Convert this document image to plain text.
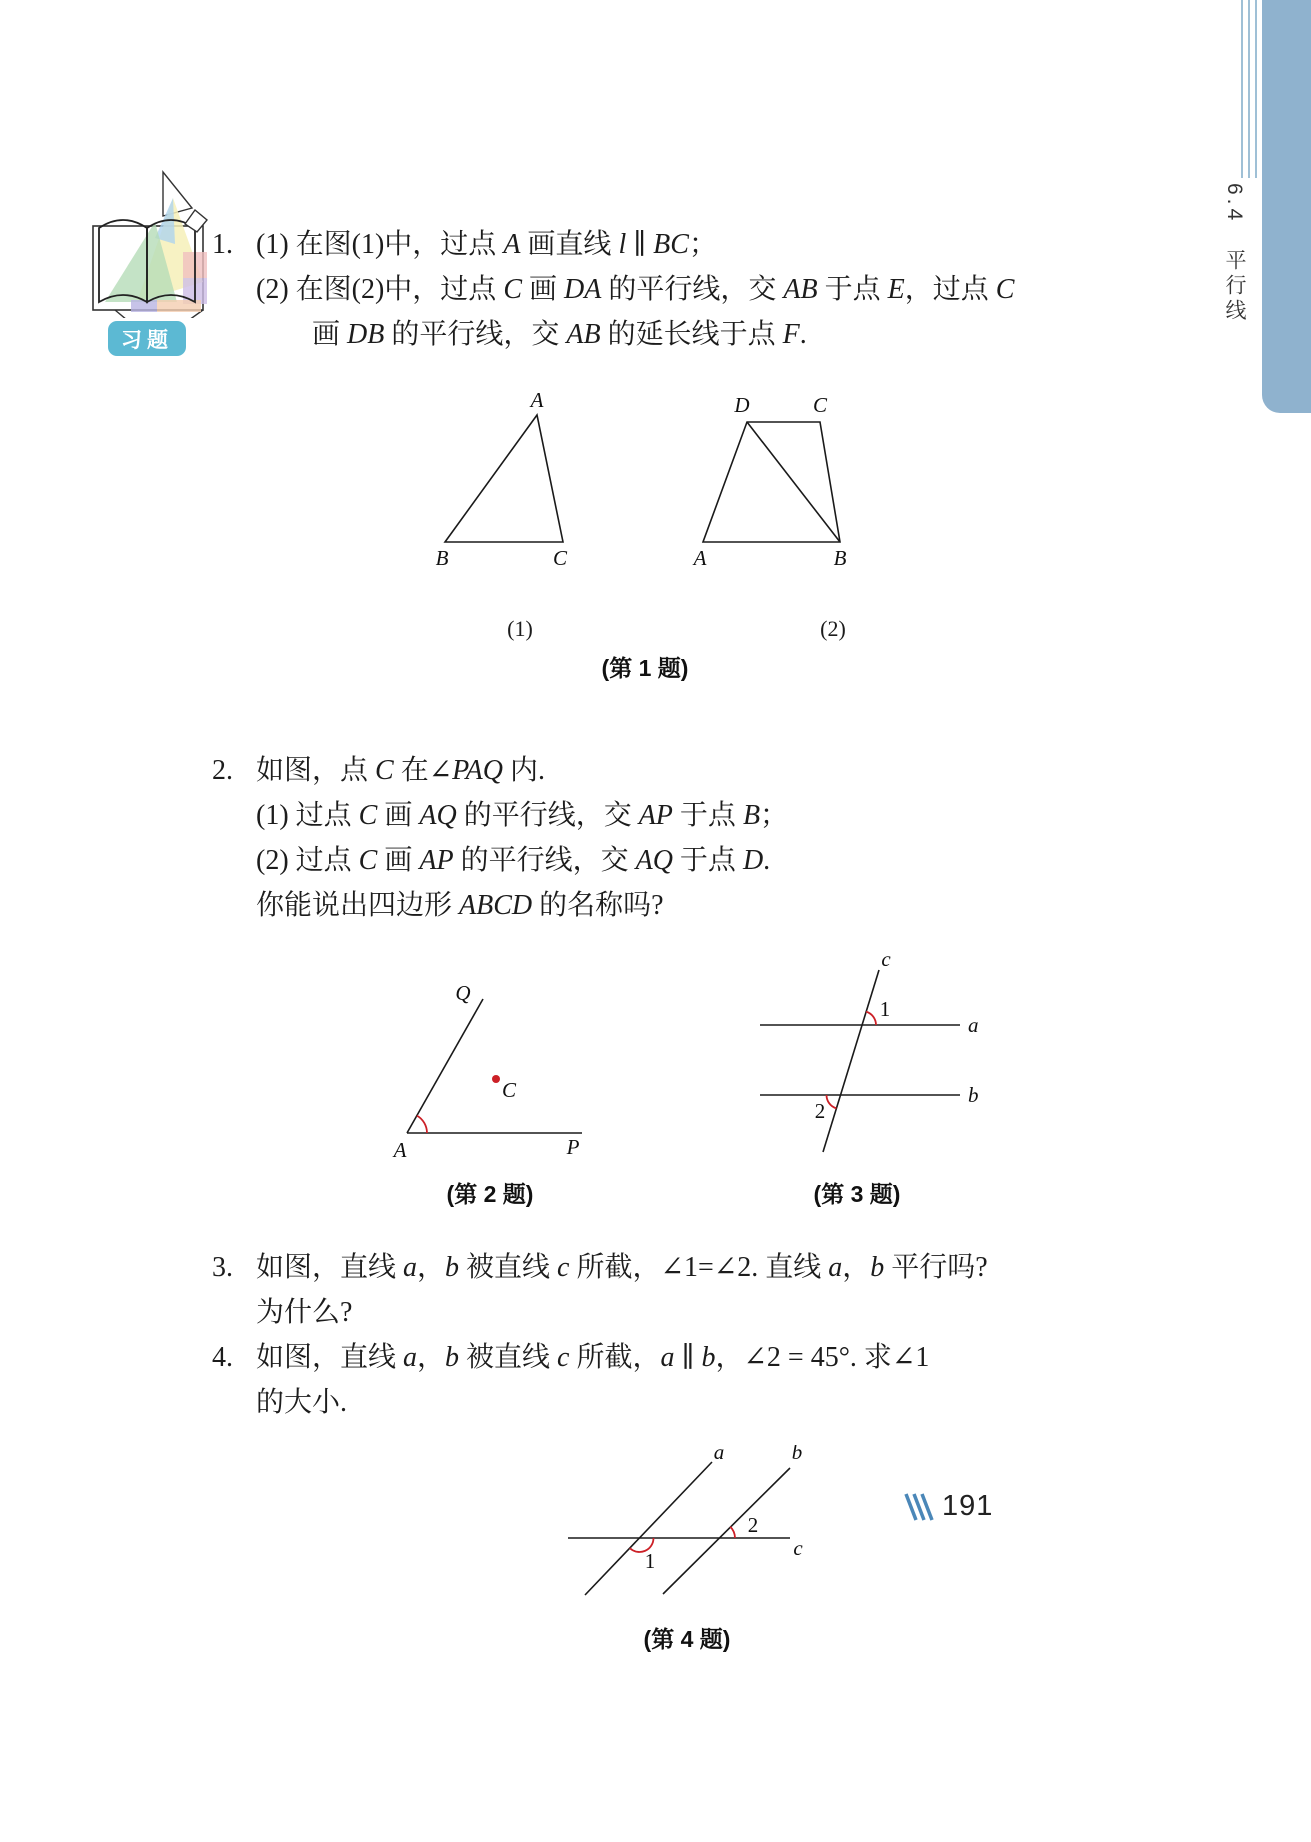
6.4　平行线
习题
1. (1) 在图(1)中，过点 A 画直线 l ∥ BC；
(2) 在图(2)中，过点 C 画 DA 的平行线，交 AB 于点 E，过点 C
画 DB 的平行线，交 AB 的延长线于点 F.
A
B	C
D	C
A	B
(1)	(2)
(第 1 题)
2. 如图，点 C 在∠PAQ 内.
(1) 过点 C 画 AQ 的平行线，交 AP 于点 B；
(2) 过点 C 画 AP 的平行线，交 AQ 于点 D.
你能说出四边形 ABCD 的名称吗?
Q
P
A
C
(第 2 题)
c
a
b
1
2
(第 3 题)
3. 如图，直线 a，b 被直线 c 所截，∠1=∠2. 直线 a，b 平行吗?
为什么?
4. 如图，直线 a，b 被直线 c 所截，a ∥ b，∠2 = 45°. 求∠1
的大小.
a	b
c
1
2
(第 4 题)
191
